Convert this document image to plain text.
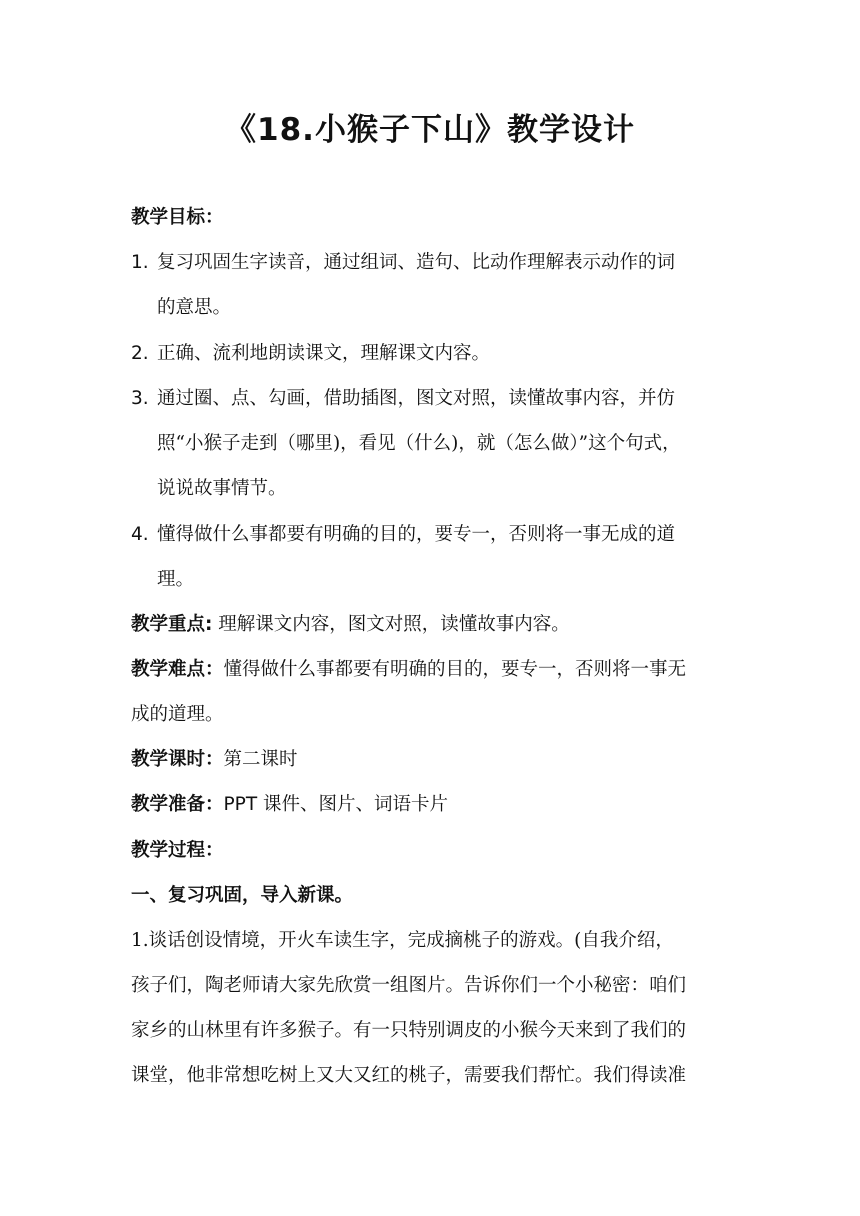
《18.小猴子下山》教学设计
教学目标：
1. 复习巩固生字读音，通过组词、造句、比动作理解表示动作的词
的意思。
2. 正确、流利地朗读课文，理解课文内容。
3. 通过圈、点、勾画，借助插图，图文对照，读懂故事内容，并仿
照“小猴子走到（哪里)，看见（什么)，就（怎么做）”这个句式，
说说故事情节。
4. 懂得做什么事都要有明确的目的，要专一，否则将一事无成的道
理。
教学重点: 理解课文内容，图文对照，读懂故事内容。
教学难点：懂得做什么事都要有明确的目的，要专一，否则将一事无
成的道理。
教学课时：第二课时
教学准备：PPT 课件、图片、词语卡片
教学过程：
一、复习巩固，导入新课。
1.谈话创设情境，开火车读生字，完成摘桃子的游戏。(自我介绍，
孩子们，陶老师请大家先欣赏一组图片。告诉你们一个小秘密：咱们
家乡的山林里有许多猴子。有一只特别调皮的小猴今天来到了我们的
课堂，他非常想吃树上又大又红的桃子，需要我们帮忙。我们得读准
